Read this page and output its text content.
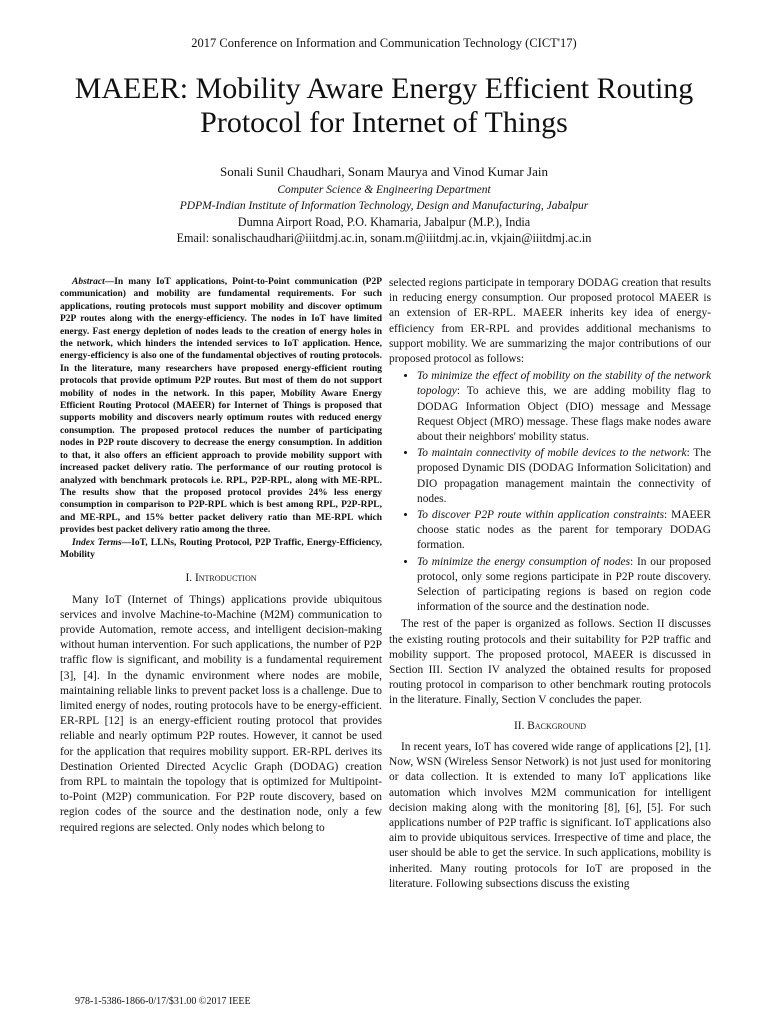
2017 Conference on Information and Communication Technology (CICT'17)
MAEER: Mobility Aware Energy Efficient Routing Protocol for Internet of Things
Sonali Sunil Chaudhari, Sonam Maurya and Vinod Kumar Jain
Computer Science & Engineering Department
PDPM-Indian Institute of Information Technology, Design and Manufacturing, Jabalpur
Dumna Airport Road, P.O. Khamaria, Jabalpur (M.P.), India
Email: sonalischaudhari@iiitdmj.ac.in, sonam.m@iiitdmj.ac.in, vkjain@iiitdmj.ac.in

Abstract—In many IoT applications, Point-to-Point communication (P2P communication) and mobility are fundamental requirements. For such applications, routing protocols must support mobility and discover optimum P2P routes along with the energy-efficiency. The nodes in IoT have limited energy. Fast energy depletion of nodes leads to the creation of energy holes in the network, which hinders the intended services to IoT application. Hence, energy-efficiency is also one of the fundamental objectives of routing protocols. In the literature, many researchers have proposed energy-efficient routing protocols that provide optimum P2P routes. But most of them do not support mobility of nodes in the network. In this paper, Mobility Aware Energy Efficient Routing Protocol (MAEER) for Internet of Things is proposed that supports mobility and discovers nearly optimum routes with reduced energy consumption. The proposed protocol reduces the number of participating nodes in P2P route discovery to decrease the energy consumption. In addition to that, it also offers an efficient approach to provide mobility support with increased packet delivery ratio. The performance of our routing protocol is analyzed with benchmark protocols i.e. RPL, P2P-RPL, along with ME-RPL. The results show that the proposed protocol provides 24% less energy consumption in comparison to P2P-RPL which is best among RPL, P2P-RPL, and ME-RPL, and 15% better packet delivery ratio than ME-RPL which provides best packet delivery ratio among the three.

Index Terms—IoT, LLNs, Routing Protocol, P2P Traffic, Energy-Efficiency, Mobility

I. Introduction

Many IoT (Internet of Things) applications provide ubiquitous services and involve Machine-to-Machine (M2M) communication to provide Automation, remote access, and intelligent decision-making without human intervention. For such applications, the number of P2P traffic flow is significant, and mobility is a fundamental requirement [3], [4]. In the dynamic environment where nodes are mobile, maintaining reliable links to prevent packet loss is a challenge. Due to limited energy of nodes, routing protocols have to be energy-efficient. ER-RPL [12] is an energy-efficient routing protocol that provides reliable and nearly optimum P2P routes. However, it cannot be used for the application that requires mobility support. ER-RPL derives its Destination Oriented Directed Acyclic Graph (DODAG) creation from RPL to maintain the topology that is optimized for Multipoint-to-Point (M2P) communication. For P2P route discovery, based on region codes of the source and the destination node, only a few required regions are selected. Only nodes which belong to

selected regions participate in temporary DODAG creation that results in reducing energy consumption. Our proposed protocol MAEER is an extension of ER-RPL. MAEER inherits key idea of energy-efficiency from ER-RPL and provides additional mechanisms to support mobility. We are summarizing the major contributions of our proposed protocol as follows:

• To minimize the effect of mobility on the stability of the network topology: To achieve this, we are adding mobility flag to DODAG Information Object (DIO) message and Message Request Object (MRO) message. These flags make nodes aware about their neighbors' mobility status.
• To maintain connectivity of mobile devices to the network: The proposed Dynamic DIS (DODAG Information Solicitation) and DIO propagation management maintain the connectivity of nodes.
• To discover P2P route within application constraints: MAEER choose static nodes as the parent for temporary DODAG formation.
• To minimize the energy consumption of nodes: In our proposed protocol, only some regions participate in P2P route discovery. Selection of participating regions is based on region code information of the source and the destination node.

The rest of the paper is organized as follows. Section II discusses the existing routing protocols and their suitability for P2P traffic and mobility support. The proposed protocol, MAEER is discussed in Section III. Section IV analyzed the obtained results for proposed routing protocol in comparison to other benchmark routing protocols in the literature. Finally, Section V concludes the paper.

II. Background

In recent years, IoT has covered wide range of applications [2], [1]. Now, WSN (Wireless Sensor Network) is not just used for monitoring or data collection. It is extended to many IoT applications like automation which involves M2M communication for intelligent decision making along with the monitoring [8], [6], [5]. For such applications number of P2P traffic is significant. IoT applications also aim to provide ubiquitous services. Irrespective of time and place, the user should be able to get the service. In such applications, mobility is inherited. Many routing protocols for IoT are proposed in the literature. Following subsections discuss the existing

978-1-5386-1866-0/17/$31.00 ©2017 IEEE
